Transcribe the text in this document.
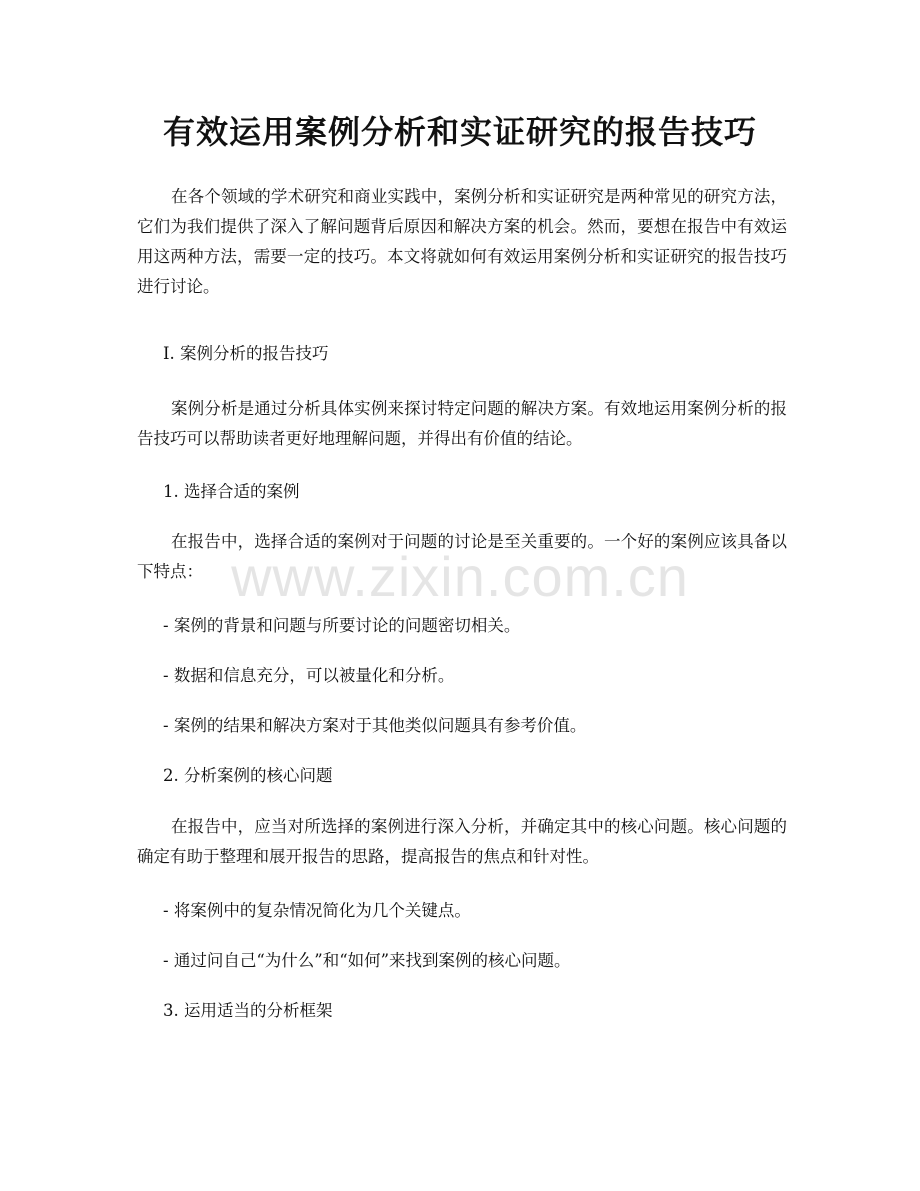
有效运用案例分析和实证研究的报告技巧

在各个领域的学术研究和商业实践中，案例分析和实证研究是两种常见的研究方法，它们为我们提供了深入了解问题背后原因和解决方案的机会。然而，要想在报告中有效运用这两种方法，需要一定的技巧。本文将就如何有效运用案例分析和实证研究的报告技巧进行讨论。

I. 案例分析的报告技巧

案例分析是通过分析具体实例来探讨特定问题的解决方案。有效地运用案例分析的报告技巧可以帮助读者更好地理解问题，并得出有价值的结论。

1. 选择合适的案例

在报告中，选择合适的案例对于问题的讨论是至关重要的。一个好的案例应该具备以下特点：

- 案例的背景和问题与所要讨论的问题密切相关。

- 数据和信息充分，可以被量化和分析。

- 案例的结果和解决方案对于其他类似问题具有参考价值。

2. 分析案例的核心问题

在报告中，应当对所选择的案例进行深入分析，并确定其中的核心问题。核心问题的确定有助于整理和展开报告的思路，提高报告的焦点和针对性。

- 将案例中的复杂情况简化为几个关键点。

- 通过问自己“为什么”和“如何”来找到案例的核心问题。

3. 运用适当的分析框架

www.zixin.com.cn
